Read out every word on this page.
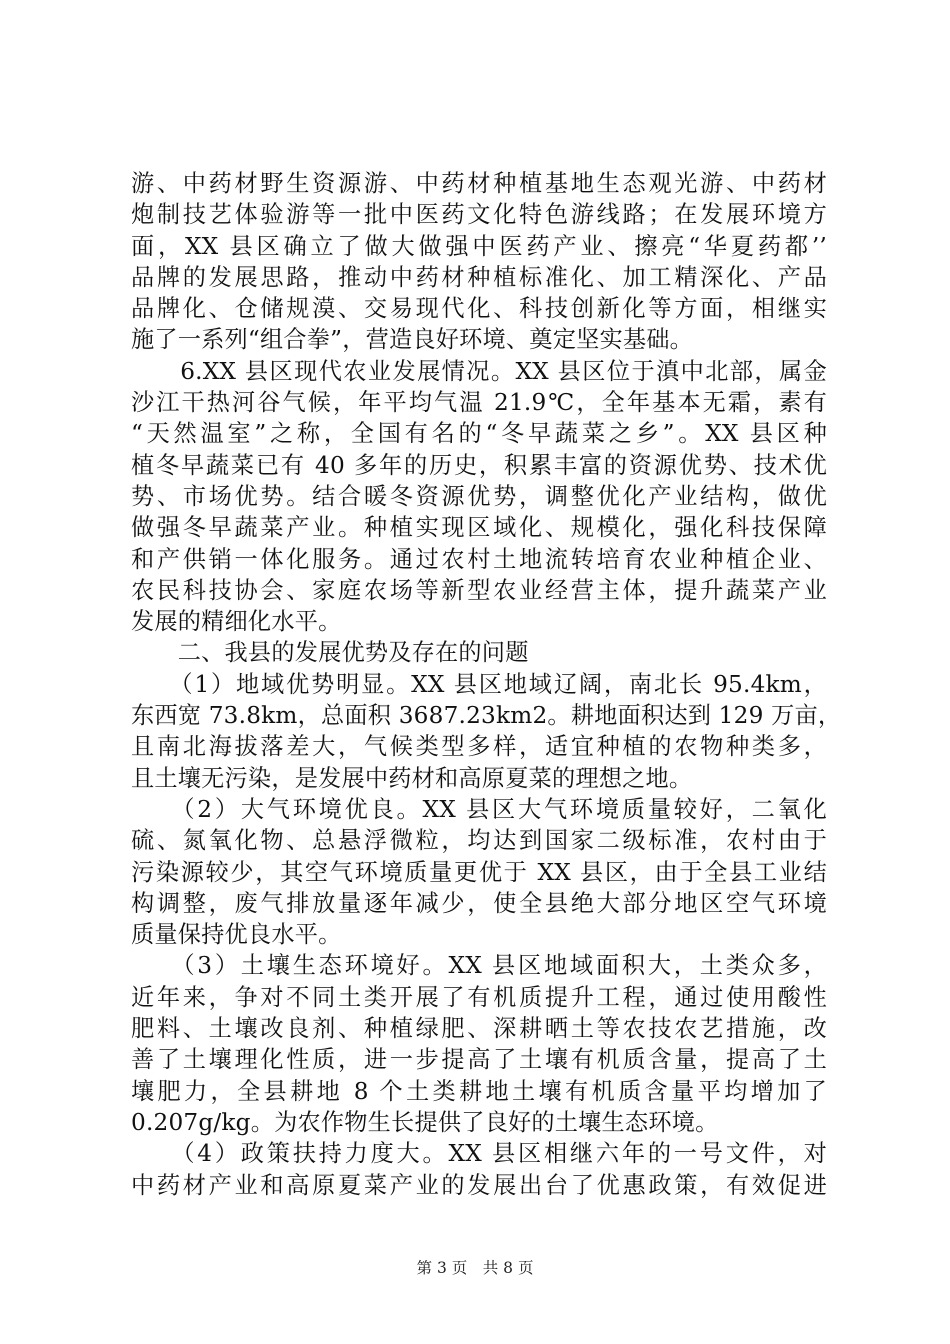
游、中药材野生资源游、中药材种植基地生态观光游、中药材
炮制技艺体验游等一批中医药文化特色游线路；在发展环境方
面，XX 县区确立了做大做强中医药产业、擦亮“华夏药都’’
品牌的发展思路，推动中药材种植标准化、加工精深化、产品
品牌化、仓储规漠、交易现代化、科技创新化等方面，相继实
施了一系列“组合拳”，营造良好环境、奠定坚实基础。
　　6.XX 县区现代农业发展情况。XX 县区位于滇中北部，属金
沙江干热河谷气候，年平均气温 21.9℃，全年基本无霜，素有
“天然温室”之称，全国有名的“冬早蔬菜之乡”。XX 县区种
植冬早蔬菜已有 40 多年的历史，积累丰富的资源优势、技术优
势、市场优势。结合暖冬资源优势，调整优化产业结构，做优
做强冬早蔬菜产业。种植实现区域化、规模化，强化科技保障
和产供销一体化服务。通过农村土地流转培育农业种植企业、
农民科技协会、家庭农场等新型农业经营主体，提升蔬菜产业
发展的精细化水平。
　　二、我县的发展优势及存在的问题
　　（1）地域优势明显。XX 县区地域辽阔，南北长 95.4km，
东西宽 73.8km，总面积 3687.23km2。耕地面积达到 129 万亩，
且南北海拔落差大，气候类型多样，适宜种植的农物种类多，
且土壤无污染，是发展中药材和高原夏菜的理想之地。
　　（2）大气环境优良。XX 县区大气环境质量较好，二氧化
硫、氮氧化物、总悬浮微粒，均达到国家二级标准，农村由于
污染源较少，其空气环境质量更优于 XX 县区，由于全县工业结
构调整，废气排放量逐年减少，使全县绝大部分地区空气环境
质量保持优良水平。
　　（3）土壤生态环境好。XX 县区地域面积大，土类众多，
近年来，争对不同土类开展了有机质提升工程，通过使用酸性
肥料、土壤改良剂、种植绿肥、深耕晒土等农技农艺措施，改
善了土壤理化性质，进一步提高了土壤有机质含量，提高了土
壤肥力，全县耕地 8 个土类耕地土壤有机质含量平均增加了
0.207g/kg。为农作物生长提供了良好的土壤生态环境。
　　（4）政策扶持力度大。XX 县区相继六年的一号文件，对
中药材产业和高原夏菜产业的发展出台了优惠政策，有效促进
第 3 页　共 8 页
